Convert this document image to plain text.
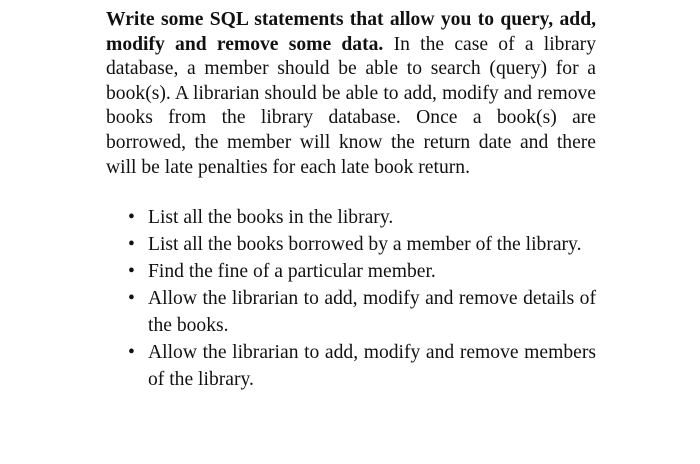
Write some SQL statements that allow you to query, add, modify and remove some data. In the case of a library database, a member should be able to search (query) for a book(s). A librarian should be able to add, modify and remove books from the library database. Once a book(s) are borrowed, the member will know the return date and there will be late penalties for each late book return.

• List all the books in the library.
• List all the books borrowed by a member of the library.
• Find the fine of a particular member.
• Allow the librarian to add, modify and remove details of the books.
• Allow the librarian to add, modify and remove members of the library.
